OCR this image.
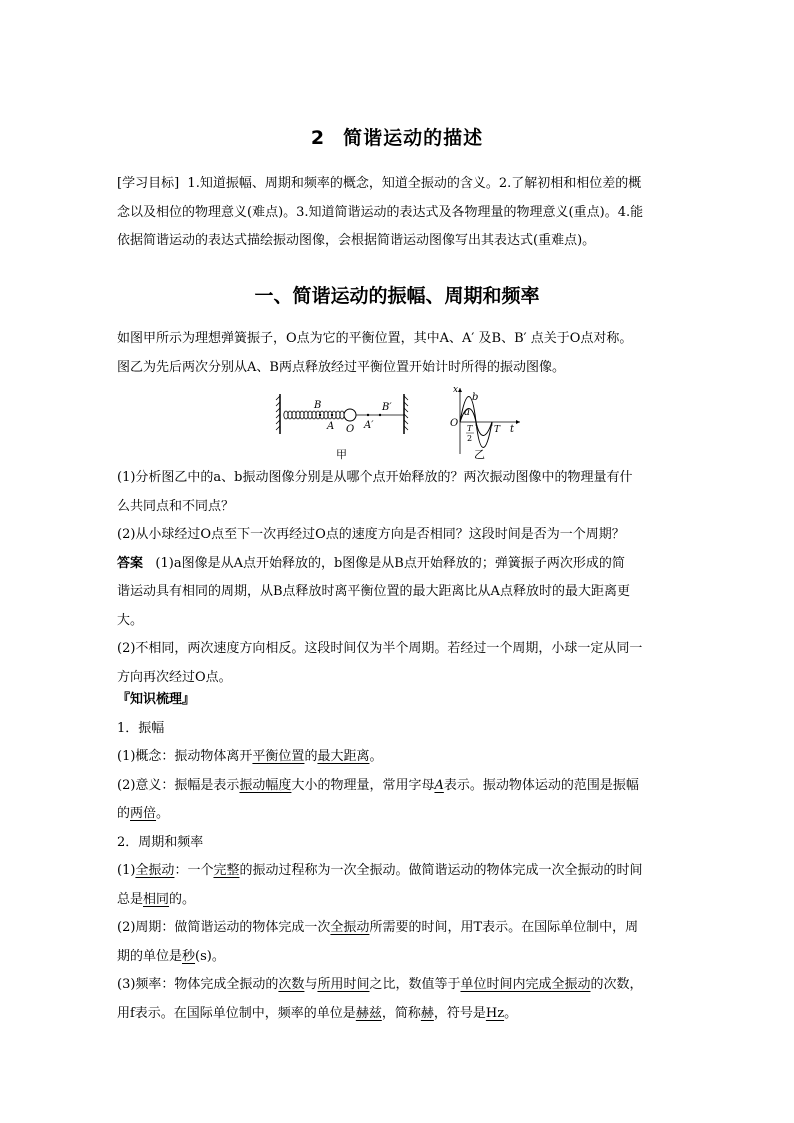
2 简谐运动的描述
[学习目标] 1.知道振幅、周期和频率的概念，知道全振动的含义。2.了解初相和相位差的概
念以及相位的物理意义(难点)。3.知道简谐运动的表达式及各物理量的物理意义(重点)。4.能
依据简谐运动的表达式描绘振动图像，会根据简谐运动图像写出其表达式(重难点)。
一、简谐运动的振幅、周期和频率
如图甲所示为理想弹簧振子，O点为它的平衡位置，其中A、A′ 及B、B′ 点关于O点对称。
图乙为先后两次分别从A、B两点释放经过平衡位置开始计时所得的振动图像。
B
A O A′
B′
甲
x
O
a
b
T
2
T t
乙
(1)分析图乙中的a、b振动图像分别是从哪个点开始释放的？两次振动图像中的物理量有什
么共同点和不同点？
(2)从小球经过O点至下一次再经过O点的速度方向是否相同？这段时间是否为一个周期？
答案 (1)a图像是从A点开始释放的，b图像是从B点开始释放的；弹簧振子两次形成的简
谐运动具有相同的周期，从B点释放时离平衡位置的最大距离比从A点释放时的最大距离更
大。
(2)不相同，两次速度方向相反。这段时间仅为半个周期。若经过一个周期，小球一定从同一
方向再次经过O点。
『知识梳理』
1．振幅
(1)概念：振动物体离开平衡位置的最大距离。
(2)意义：振幅是表示振动幅度大小的物理量，常用字母A表示。振动物体运动的范围是振幅
的两倍。
2．周期和频率
(1)全振动：一个完整的振动过程称为一次全振动。做简谐运动的物体完成一次全振动的时间
总是相同的。
(2)周期：做简谐运动的物体完成一次全振动所需要的时间，用T表示。在国际单位制中，周
期的单位是秒(s)。
(3)频率：物体完成全振动的次数与所用时间之比，数值等于单位时间内完成全振动的次数，
用f表示。在国际单位制中，频率的单位是赫兹，简称赫，符号是Hz。
